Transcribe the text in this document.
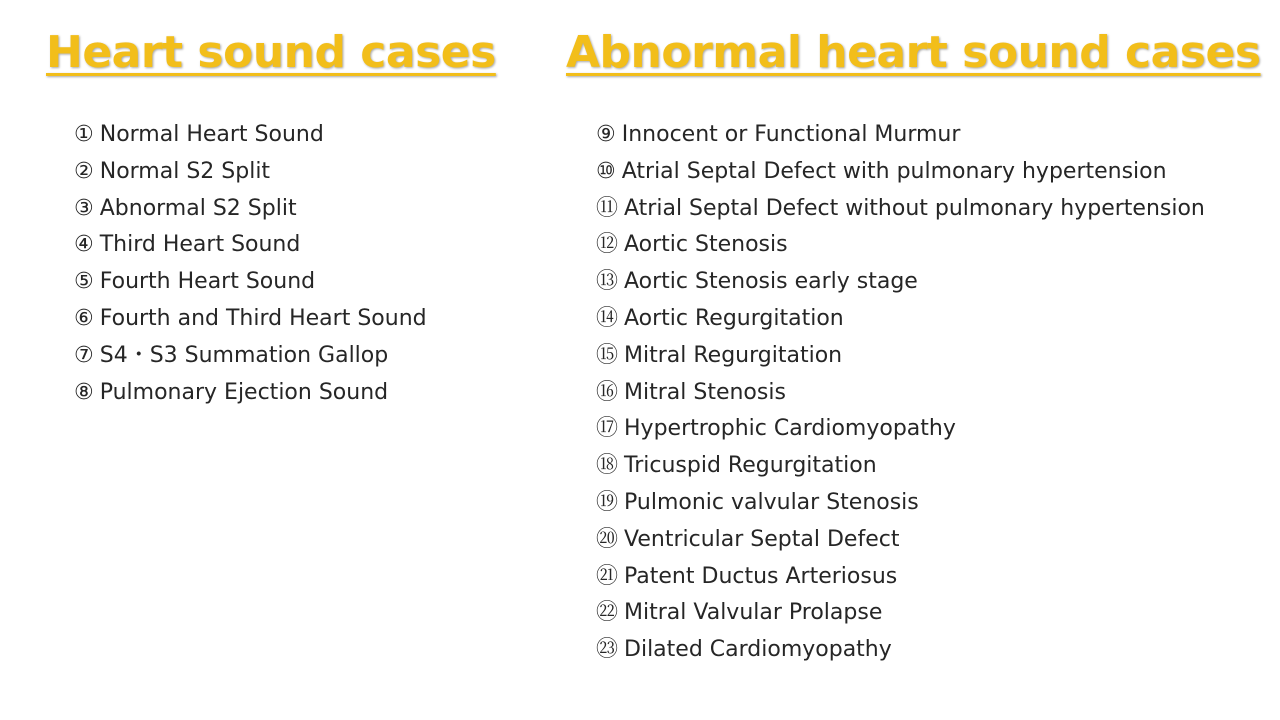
Heart sound cases Abnormal heart sound cases
① Normal Heart Sound
② Normal S2 Split
③ Abnormal S2 Split
④ Third Heart Sound
⑤ Fourth Heart Sound
⑥ Fourth and Third Heart Sound
⑦ S4・S3 Summation Gallop
⑧ Pulmonary Ejection Sound
⑨ Innocent or Functional Murmur
⑩ Atrial Septal Defect with pulmonary hypertension
⑪ Atrial Septal Defect without pulmonary hypertension
⑫ Aortic Stenosis
⑬ Aortic Stenosis early stage
⑭ Aortic Regurgitation
⑮ Mitral Regurgitation
⑯ Mitral Stenosis
⑰ Hypertrophic Cardiomyopathy
⑱ Tricuspid Regurgitation
⑲ Pulmonic valvular Stenosis
⑳ Ventricular Septal Defect
㉑ Patent Ductus Arteriosus
㉒ Mitral Valvular Prolapse
㉓ Dilated Cardiomyopathy
